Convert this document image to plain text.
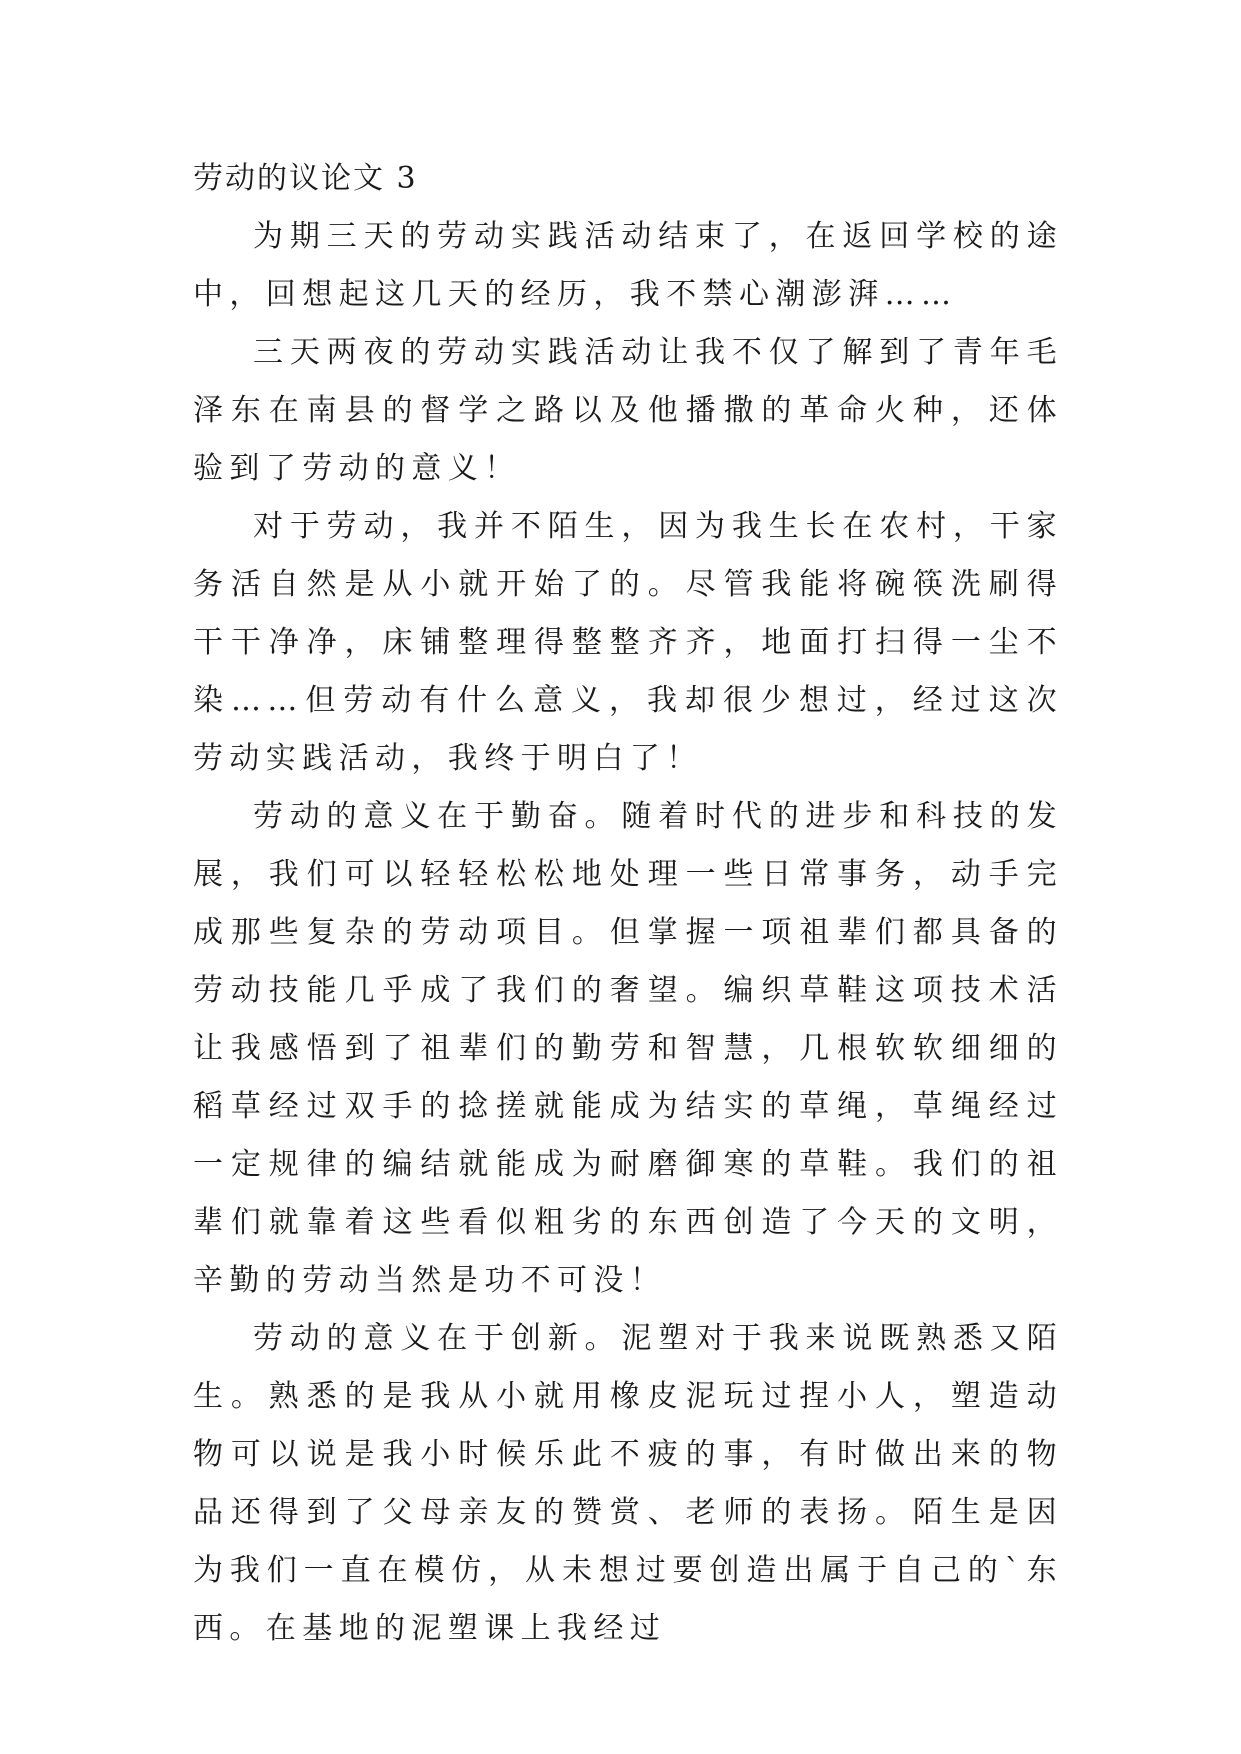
劳动的议论文 3

为期三天的劳动实践活动结束了，在返回学校的途中，回想起这几天的经历，我不禁心潮澎湃……

三天两夜的劳动实践活动让我不仅了解到了青年毛泽东在南县的督学之路以及他播撒的革命火种，还体验到了劳动的意义！

对于劳动，我并不陌生，因为我生长在农村，干家务活自然是从小就开始了的。尽管我能将碗筷洗刷得干干净净，床铺整理得整整齐齐，地面打扫得一尘不染……但劳动有什么意义，我却很少想过，经过这次劳动实践活动，我终于明白了！

劳动的意义在于勤奋。随着时代的进步和科技的发展，我们可以轻轻松松地处理一些日常事务，动手完成那些复杂的劳动项目。但掌握一项祖辈们都具备的劳动技能几乎成了我们的奢望。编织草鞋这项技术活让我感悟到了祖辈们的勤劳和智慧，几根软软细细的稻草经过双手的捻搓就能成为结实的草绳，草绳经过一定规律的编结就能成为耐磨御寒的草鞋。我们的祖辈们就靠着这些看似粗劣的东西创造了今天的文明，辛勤的劳动当然是功不可没！

劳动的意义在于创新。泥塑对于我来说既熟悉又陌生。熟悉的是我从小就用橡皮泥玩过捏小人，塑造动物可以说是我小时候乐此不疲的事，有时做出来的物品还得到了父母亲友的赞赏、老师的表扬。陌生是因为我们一直在模仿，从未想过要创造出属于自己的`东西。在基地的泥塑课上我经过
